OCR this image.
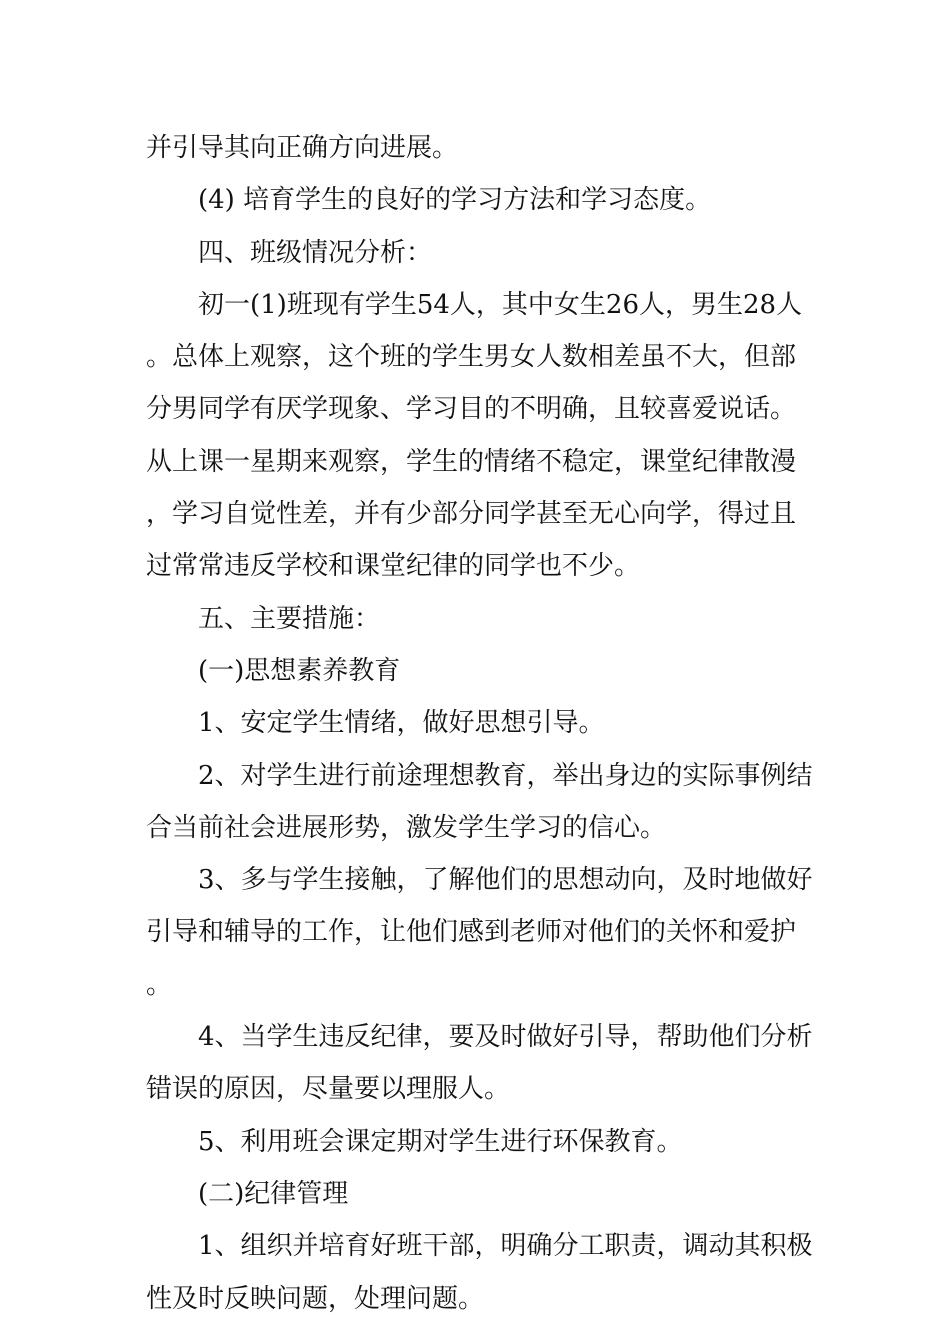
并引导其向正确方向进展。

(4) 培育学生的良好的学习方法和学习态度。

四、班级情况分析：

初一(1)班现有学生54人，其中女生26人，男生28人。总体上观察，这个班的学生男女人数相差虽不大，但部分男同学有厌学现象、学习目的不明确，且较喜爱说话。从上课一星期来观察，学生的情绪不稳定，课堂纪律散漫，学习自觉性差，并有少部分同学甚至无心向学，得过且过常常违反学校和课堂纪律的同学也不少。

五、主要措施：

(一)思想素养教育

1、安定学生情绪，做好思想引导。

2、对学生进行前途理想教育，举出身边的实际事例结合当前社会进展形势，激发学生学习的信心。

3、多与学生接触，了解他们的思想动向，及时地做好引导和辅导的工作，让他们感到老师对他们的关怀和爱护。

4、当学生违反纪律，要及时做好引导，帮助他们分析错误的原因，尽量要以理服人。

5、利用班会课定期对学生进行环保教育。

(二)纪律管理

1、组织并培育好班干部，明确分工职责，调动其积极性及时反映问题，处理问题。
